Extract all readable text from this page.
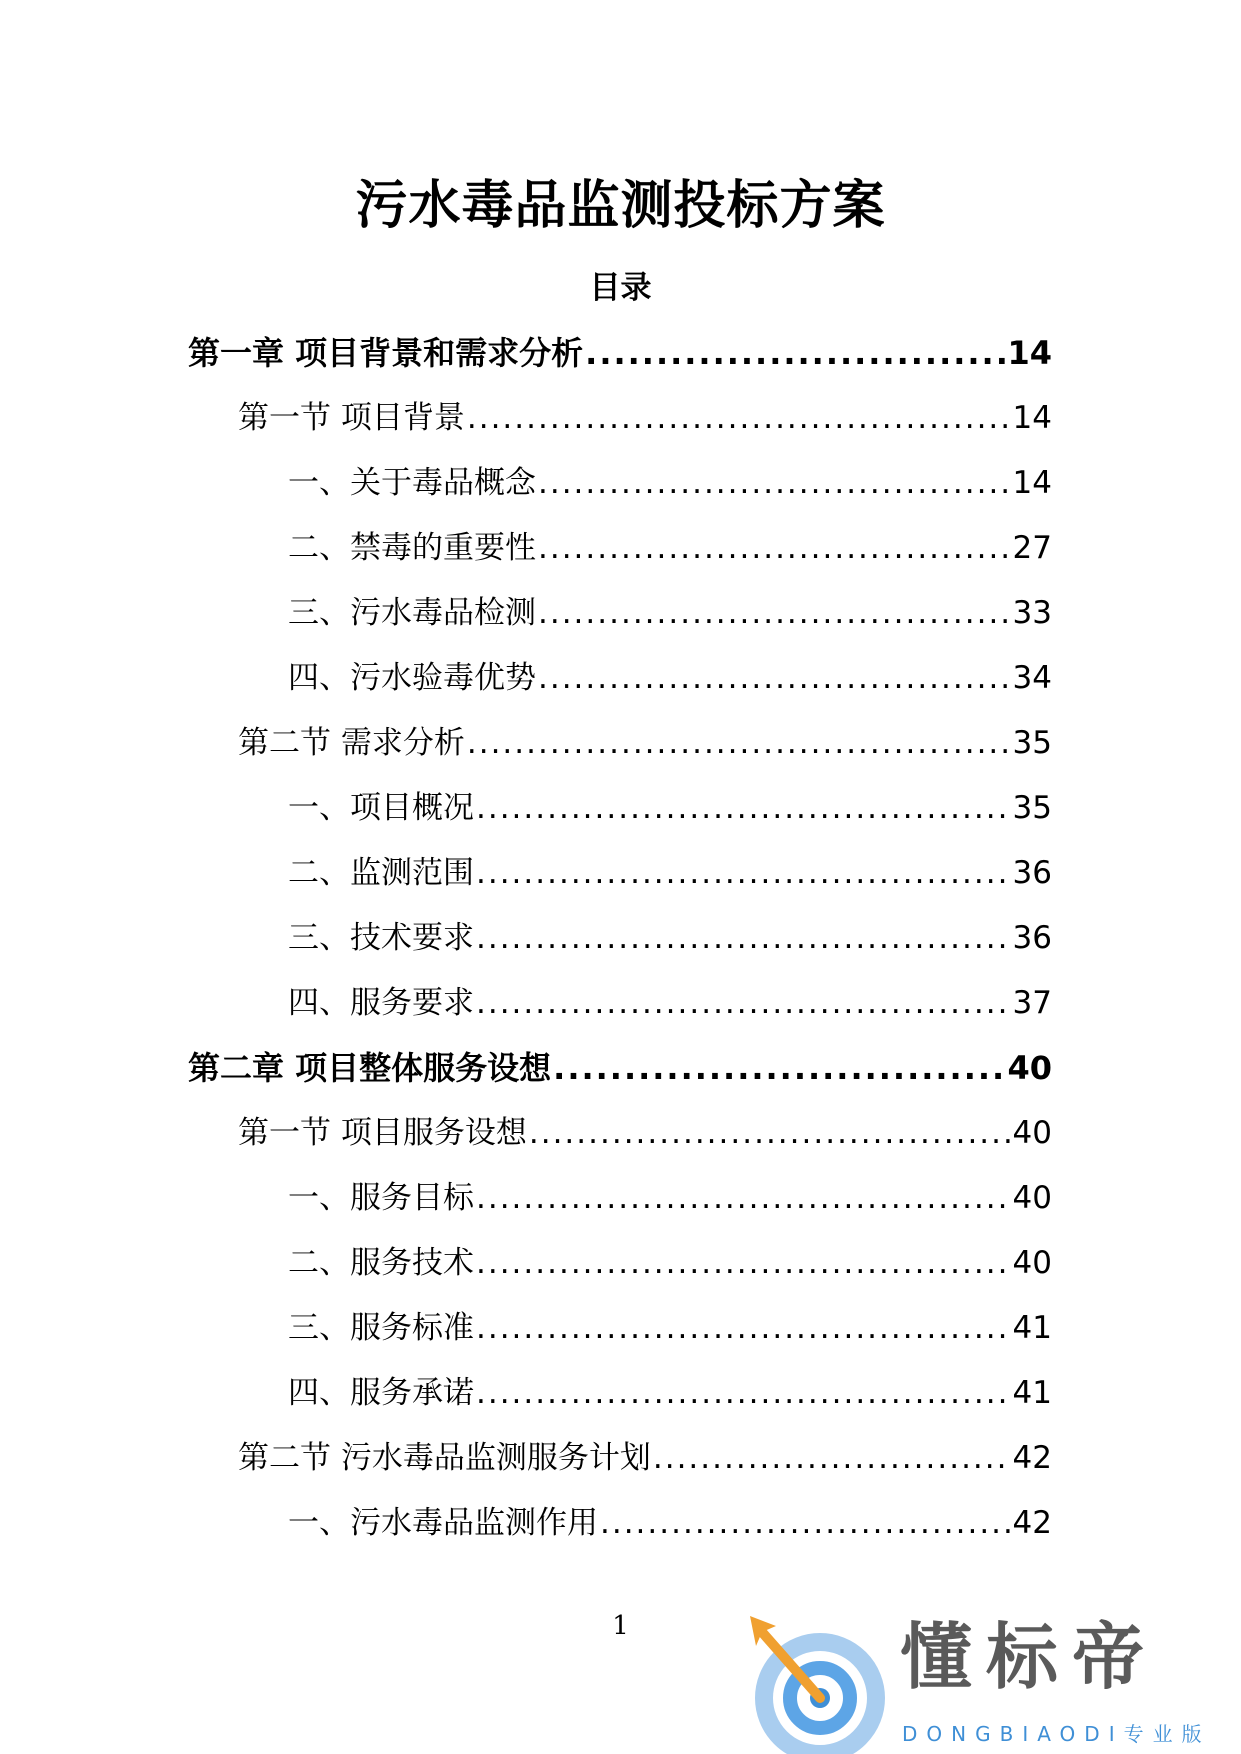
污水毒品监测投标方案
目录
第一章 项目背景和需求分析 .....	14
第一节 项目背景 .....	14
一、关于毒品概念 .....	14
二、禁毒的重要性 .....	27
三、污水毒品检测 .....	33
四、污水验毒优势 .....	34
第二节 需求分析 .....	35
一、项目概况 .....	35
二、监测范围 .....	36
三、技术要求 .....	36
四、服务要求 .....	37
第二章 项目整体服务设想 .....	40
第一节 项目服务设想 .....	40
一、服务目标 .....	40
二、服务技术 .....	40
三、服务标准 .....	41
四、服务承诺 .....	41
第二节 污水毒品监测服务计划 .....	42
一、污水毒品监测作用 .....	42
1	懂标帝
DONGBIAODI专业版
